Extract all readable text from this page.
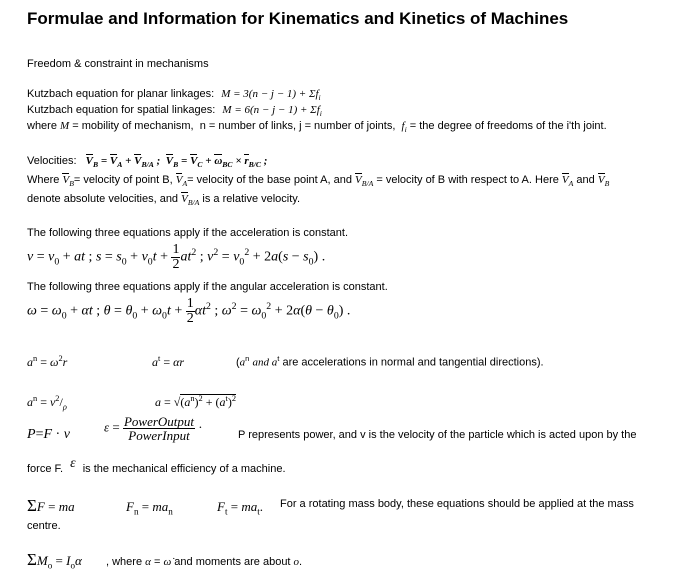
Formulae and Information for Kinematics and Kinetics of Machines
Freedom & constraint in mechanisms
Kutzbach equation for planar linkages: $M = 3(n - j - 1) + \Sigma f_i$
Kutzbach equation for spatial linkages: $M = 6(n - j - 1) + \Sigma f_i$
where M = mobility of mechanism,  n = number of links, j = number of joints,  $f_i$ = the degree of freedoms of the i'th joint.
Velocities: $V_B = V_A + V_{B/A}$ ;  $V_B = V_C + \omega_{BC} \times r_{B/C}$ ;
Where $V_B=$ velocity of point B, $V_A=$ velocity of the base point A, and $V_{B/A}$ = velocity of B with respect to A. Here $V_A$ and $V_B$
denote absolute velocities, and $V_{B/A}$ is a relative velocity.
The following three equations apply if the acceleration is constant.
$v = v_0$ + at ; $s = s_0 + v_0t + \frac{1}{2} at^2$ ; $v^2 = v_0^2 + 2a(s - s_0)$ .
The following three equations apply if the angular acceleration is constant.
$\omega = \omega_0 + \alpha t$ ; $\theta = \theta_0 + \omega_0t + \frac{1}{2} \alpha t^2$ ; $\omega^2 = \omega_0^2 + 2\alpha(\theta - \theta_0)$ .
$a^n = \omega^2r$	$a^t = \alpha r$	($a^n$ and $a^t$ are accelerations in normal and tangential directions).
$a^n = v^2/_\rho$	$a = √(a^n)^2 + (a^t)^2$
P=F · v
$\varepsilon = \frac{\text{PowerOutput}}{\text{PowerInput}}$ ·
P represents power, and v is the velocity of the particle which is acted upon by the
force F. ε is the mechanical efficiency of a machine.
ΣF = ma	$F_n = ma_n$	$F_t = ma_t$. For a rotating mass body, these equations should be applied at the mass
centre.
$\Sigma M_o = I_o\alpha$ , where α = ω̇ and moments are about o.
